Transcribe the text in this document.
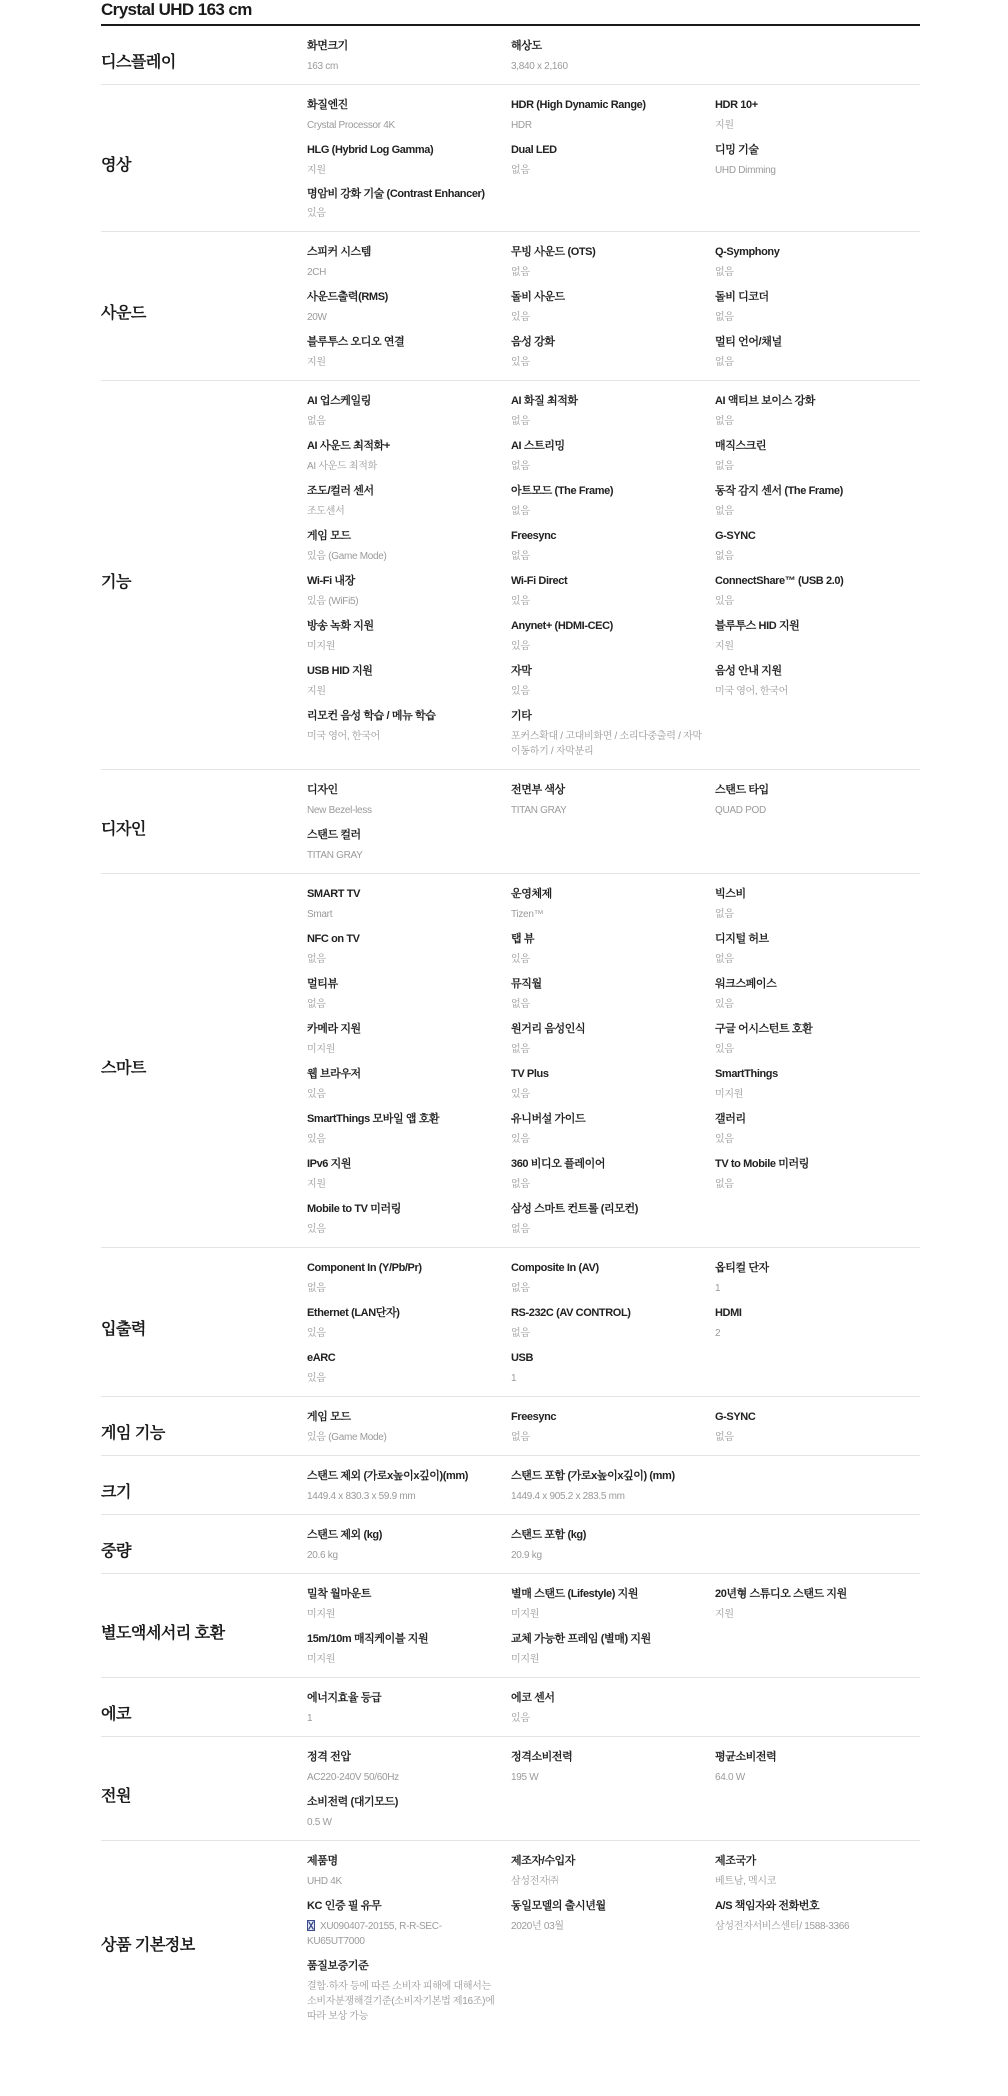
Crystal UHD 163 cm
디스플레이
화면크기
163 cm
해상도
3,840 x 2,160
영상
화질엔진
Crystal Processor 4K
HDR (High Dynamic Range)
HDR
HDR 10+
지원
HLG (Hybrid Log Gamma)
지원
Dual LED
없음
디밍 기술
UHD Dimming
명암비 강화 기술 (Contrast Enhancer)
있음
사운드
스피커 시스템
2CH
무빙 사운드 (OTS)
없음
Q-Symphony
없음
사운드출력(RMS)
20W
돌비 사운드
있음
돌비 디코더
없음
블루투스 오디오 연결
지원
음성 강화
있음
멀티 언어/채널
없음
기능
AI 업스케일링
없음
AI 화질 최적화
없음
AI 액티브 보이스 강화
없음
AI 사운드 최적화+
AI 사운드 최적화
AI 스트리밍
없음
매직스크린
없음
조도/컬러 센서
조도센서
아트모드 (The Frame)
없음
동작 감지 센서 (The Frame)
없음
게임 모드
있음 (Game Mode)
Freesync
없음
G-SYNC
없음
Wi-Fi 내장
있음 (WiFi5)
Wi-Fi Direct
있음
ConnectShare™ (USB 2.0)
있음
방송 녹화 지원
미지원
Anynet+ (HDMI-CEC)
있음
블루투스 HID 지원
지원
USB HID 지원
지원
자막
있음
음성 안내 지원
미국 영어, 한국어
리모컨 음성 학습 / 메뉴 학습
미국 영어, 한국어
기타
포커스확대 / 고대비화면 / 소리다중출력 / 자막이동하기 / 자막분리
디자인
디자인
New Bezel-less
전면부 색상
TITAN GRAY
스탠드 타입
QUAD POD
스탠드 컬러
TITAN GRAY
스마트
SMART TV
Smart
운영체제
Tizen™
빅스비
없음
NFC on TV
없음
탭 뷰
있음
디지털 허브
없음
멀티뷰
없음
뮤직월
없음
워크스페이스
있음
카메라 지원
미지원
원거리 음성인식
없음
구글 어시스턴트 호환
있음
웹 브라우저
있음
TV Plus
있음
SmartThings
미지원
SmartThings 모바일 앱 호환
있음
유니버설 가이드
있음
갤러리
있음
IPv6 지원
지원
360 비디오 플레이어
없음
TV to Mobile 미러링
없음
Mobile to TV 미러링
있음
삼성 스마트 컨트롤 (리모컨)
없음
입출력
Component In (Y/Pb/Pr)
없음
Composite In (AV)
없음
옵티컬 단자
1
Ethernet (LAN단자)
있음
RS-232C (AV CONTROL)
없음
HDMI
2
eARC
있음
USB
1
게임 기능
게임 모드
있음 (Game Mode)
Freesync
없음
G-SYNC
없음
크기
스탠드 제외 (가로x높이x깊이)(mm)
1449.4 x 830.3 x 59.9 mm
스탠드 포함 (가로x높이x깊이) (mm)
1449.4 x 905.2 x 283.5 mm
중량
스탠드 제외 (kg)
20.6 kg
스탠드 포함 (kg)
20.9 kg
별도액세서리 호환
밀착 월마운트
미지원
별매 스탠드 (Lifestyle) 지원
미지원
20년형 스튜디오 스탠드 지원
지원
15m/10m 매직케이블 지원
미지원
교체 가능한 프레임 (별매) 지원
미지원
에코
에너지효율 등급
1
에코 센서
있음
전원
정격 전압
AC220-240V 50/60Hz
정격소비전력
195 W
평균소비전력
64.0 W
소비전력 (대기모드)
0.5 W
상품 기본정보
제품명
UHD 4K
제조자/수입자
삼성전자㈜
제조국가
베트남, 멕시코
KC 인증 필 유무
XU090407-20155, R-R-SEC-KU65UT7000
동일모델의 출시년월
2020년 03월
A/S 책임자와 전화번호
삼성전자서비스센터/ 1588-3366
품질보증기준
결함·하자 등에 따른 소비자 피해에 대해서는 소비자분쟁해결기준(소비자기본법 제16조)에 따라 보상 가능
